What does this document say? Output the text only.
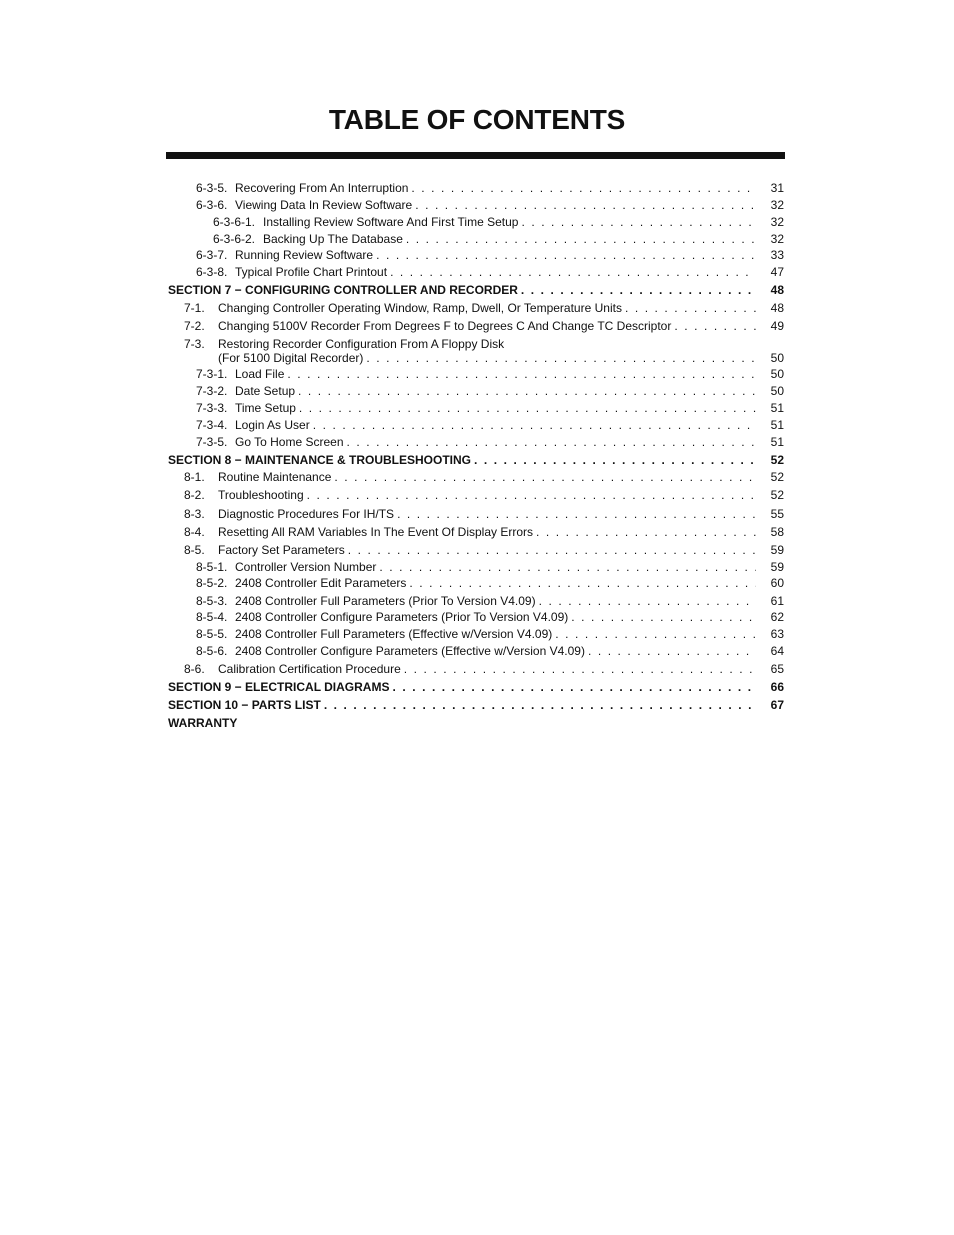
TABLE OF CONTENTS
6-3-5. Recovering From An Interruption . . .	31
6-3-6. Viewing Data In Review Software . . .	32
6-3-6-1. Installing Review Software And First Time Setup . . .	32
6-3-6-2. Backing Up The Database . . .	32
6-3-7. Running Review Software . . .	33
6-3-8. Typical Profile Chart Printout . . .	47
SECTION 7 − CONFIGURING CONTROLLER AND RECORDER . . .	48
7-1. Changing Controller Operating Window, Ramp, Dwell, Or Temperature Units . . .	48
7-2. Changing 5100V Recorder From Degrees F to Degrees C And Change TC Descriptor . . .	49
7-3. Restoring Recorder Configuration From A Floppy Disk
(For 5100 Digital Recorder) . . .	50
7-3-1. Load File . . .	50
7-3-2. Date Setup . . .	50
7-3-3. Time Setup . . .	51
7-3-4. Login As User . . .	51
7-3-5. Go To Home Screen . . .	51
SECTION 8 − MAINTENANCE & TROUBLESHOOTING . . .	52
8-1. Routine Maintenance . . .	52
8-2. Troubleshooting . . .	52
8-3. Diagnostic Procedures For IH/TS . . .	55
8-4. Resetting All RAM Variables In The Event Of Display Errors . . .	58
8-5. Factory Set Parameters . . .	59
8-5-1. Controller Version Number . . .	59
8-5-2. 2408 Controller Edit Parameters . . .	60
8-5-3. 2408 Controller Full Parameters (Prior To Version V4.09) . . .	61
8-5-4. 2408 Controller Configure Parameters (Prior To Version V4.09) . . .	62
8-5-5. 2408 Controller Full Parameters (Effective w/Version V4.09) . . .	63
8-5-6. 2408 Controller Configure Parameters (Effective w/Version V4.09) . . .	64
8-6. Calibration Certification Procedure . . .	65
SECTION 9 − ELECTRICAL DIAGRAMS . . .	66
SECTION 10 − PARTS LIST . . .	67
WARRANTY
